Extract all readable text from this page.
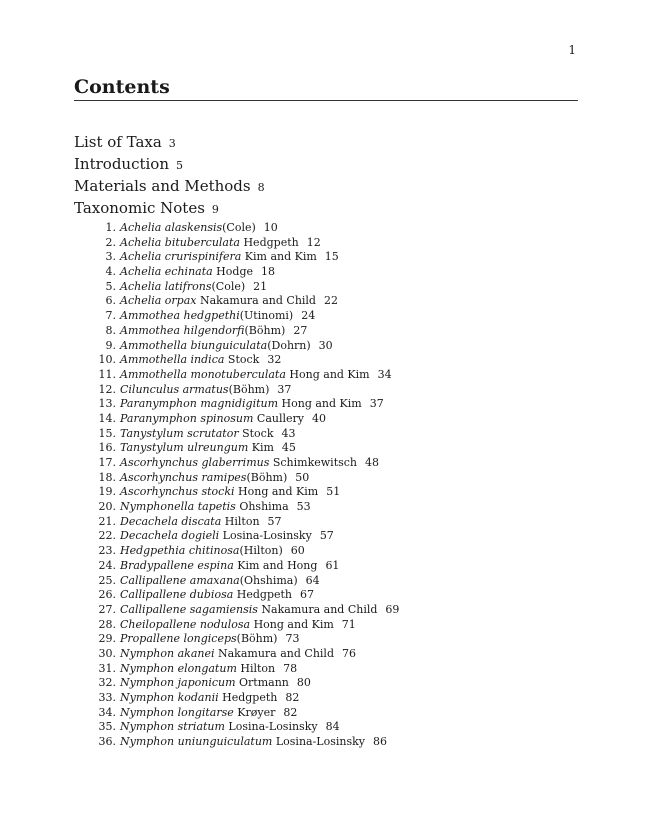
1
Contents
List of Taxa 3
Introduction 5
Materials and Methods 8
Taxonomic Notes 9
1. Achelia alaskensis(Cole) 10
2. Achelia bituberculata Hedgpeth 12
3. Achelia crurispinifera Kim and Kim 15
4. Achelia echinata Hodge 18
5. Achelia latifrons(Cole) 21
6. Achelia orpax Nakamura and Child 22
7. Ammothea hedgpethi(Utinomi) 24
8. Ammothea hilgendorfi(Böhm) 27
9. Ammothella biunguiculata(Dohrn) 30
10. Ammothella indica Stock 32
11. Ammothella monotuberculata Hong and Kim 34
12. Cilunculus armatus(Böhm) 37
13. Paranymphon magnidigitum Hong and Kim 37
14. Paranymphon spinosum Caullery 40
15. Tanystylum scrutator Stock 43
16. Tanystylum ulreungum Kim 45
17. Ascorhynchus glaberrimus Schimkewitsch 48
18. Ascorhynchus ramipes(Böhm) 50
19. Ascorhynchus stocki Hong and Kim 51
20. Nymphonella tapetis Ohshima 53
21. Decachela discata Hilton 57
22. Decachela dogieli Losina-Losinsky 57
23. Hedgpethia chitinosa(Hilton) 60
24. Bradypallene espina Kim and Hong 61
25. Callipallene amaxana(Ohshima) 64
26. Callipallene dubiosa Hedgpeth 67
27. Callipallene sagamiensis Nakamura and Child 69
28. Cheilopallene nodulosa Hong and Kim 71
29. Propallene longiceps(Böhm) 73
30. Nymphon akanei Nakamura and Child 76
31. Nymphon elongatum Hilton 78
32. Nymphon japonicum Ortmann 80
33. Nymphon kodanii Hedgpeth 82
34. Nymphon longitarse Krøyer 82
35. Nymphon striatum Losina-Losinsky 84
36. Nymphon uniunguiculatum Losina-Losinsky 86
